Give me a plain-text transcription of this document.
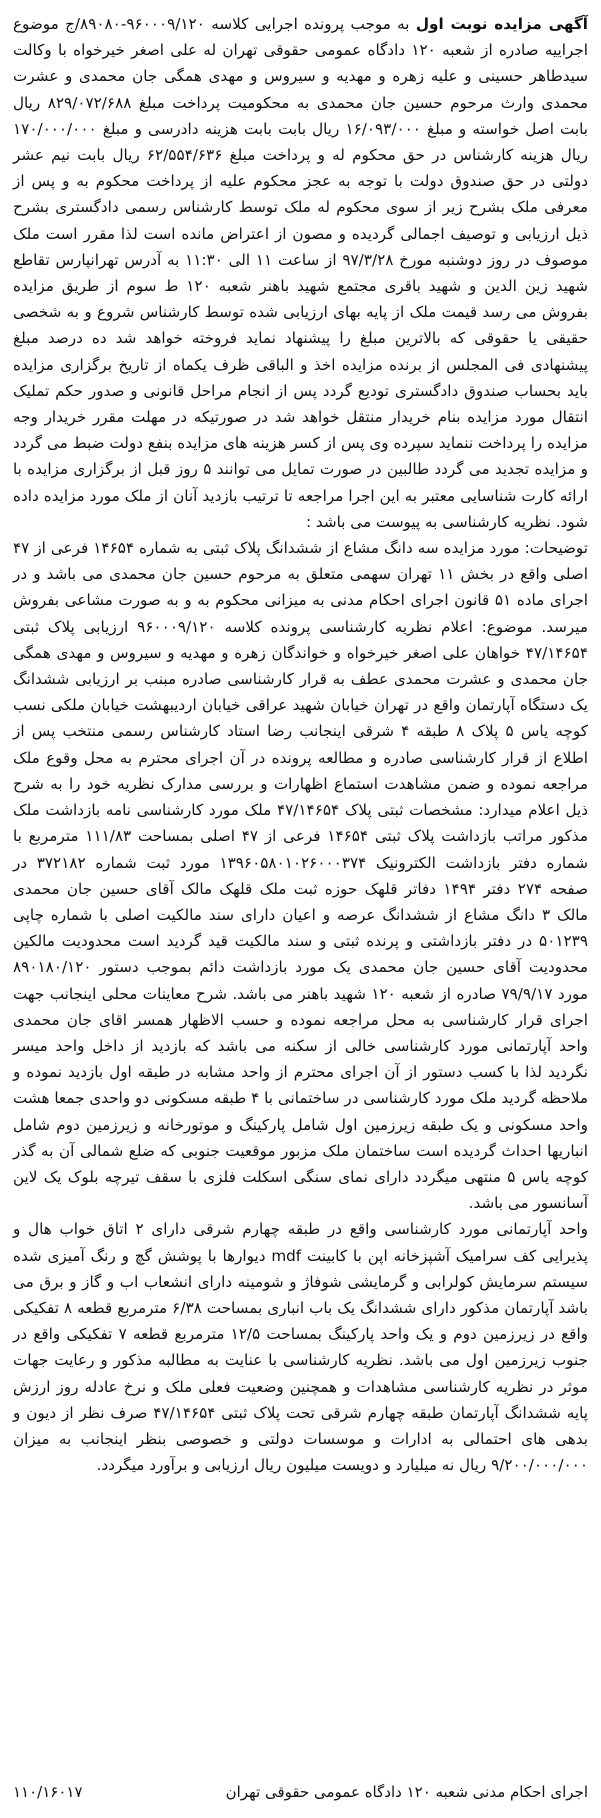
آگهی مزایده نوبت اول به موجب پرونده اجرایی کلاسه ۹۶۰۰۰۹/۱۲۰-۸۹۰۸۰/ج موضوع اجراییه صادره از شعبه ۱۲۰ دادگاه عمومی حقوقی تهران له علی اصغر خیرخواه با وکالت سیدطاهر حسینی و علیه زهره و مهدیه و سیروس و مهدی همگی جان محمدی و عشرت محمدی وارث مرحوم حسین جان محمدی به محکومیت پرداخت مبلغ ۸۲۹/۰۷۲/۶۸۸ ریال بابت اصل خواسته و مبلغ ۱۶/۰۹۳/۰۰۰ ریال بابت بابت هزینه دادرسی و مبلغ ۱۷۰/۰۰۰/۰۰۰ ریال هزینه کارشناس در حق محکوم له و پرداخت مبلغ ۶۲/۵۵۴/۶۳۶ ریال بابت نیم عشر دولتی در حق صندوق دولت با توجه به عجز محکوم علیه از پرداخت محکوم به و پس از معرفی ملک بشرح زیر از سوی محکوم له ملک توسط کارشناس رسمی دادگستری بشرح ذیل ارزیابی و توصیف اجمالی گردیده و مصون از اعتراض مانده است لذا مقرر است ملک موصوف در روز دوشنبه مورخ ۹۷/۳/۲۸ از ساعت ۱۱ الی ۱۱:۳۰ به آدرس تهرانپارس تقاطع شهید زین الدین و شهید باقری مجتمع شهید باهنر شعبه ۱۲۰ ط سوم از طریق مزایده بفروش می رسد قیمت ملک از پایه بهای ارزیابی شده توسط کارشناس شروع و به شخصی حقیقی یا حقوقی که بالاترین مبلغ را پیشنهاد نماید فروخته خواهد شد ده درصد مبلغ پیشنهادی فی المجلس از برنده مزایده اخذ و الباقی ظرف یکماه از تاریخ برگزاری مزایده باید بحساب صندوق دادگستری تودیع گردد پس از انجام مراحل قانونی و صدور حکم تملیک انتقال مورد مزایده بنام خریدار منتقل خواهد شد در صورتیکه در مهلت مقرر خریدار وجه مزایده را پرداخت ننماید سپرده وی پس از کسر هزینه های مزایده بنفع دولت ضبط می گردد و مزایده تجدید می گردد طالبین در صورت تمایل می توانند ۵ روز قبل از برگزاری مزایده با ارائه کارت شناسایی معتبر به این اجرا مراجعه تا ترتیب بازدید آنان از ملک مورد مزایده داده شود. نظریه کارشناسی به پیوست می باشد :

توضیحات: مورد مزایده سه دانگ مشاع از ششدانگ پلاک ثبتی به شماره ۱۴۶۵۴ فرعی از ۴۷ اصلی واقع در بخش ۱۱ تهران سهمی متعلق به مرحوم حسین جان محمدی می باشد و در اجرای ماده ۵۱ قانون اجرای احکام مدنی به میزانی محکوم به و به صورت مشاعی بفروش میرسد. موضوع: اعلام نظریه کارشناسی پرونده کلاسه ۹۶۰۰۰۹/۱۲۰ ارزیابی پلاک ثبتی ۴۷/۱۴۶۵۴ خواهان علی اصغر خیرخواه و خواندگان زهره و مهدیه و سیروس و مهدی همگی جان محمدی و عشرت محمدی عطف به قرار کارشناسی صادره مبنب بر ارزیابی ششدانگ یک دستگاه آپارتمان واقع در تهران خیابان شهید عراقی خیابان اردیبهشت خیابان ملکی نسب کوچه یاس ۵ پلاک ۸ طبقه ۴ شرقی اینجانب رضا استاد کارشناس رسمی منتخب پس از اطلاع از قرار کارشناسی صادره و مطالعه پرونده در آن اجرای محترم به محل وقوع ملک مراجعه نموده و ضمن مشاهدت استماع اظهارات و بررسی مدارک نظریه خود را به شرح ذیل اعلام میدارد: مشخصات ثبتی پلاک ۴۷/۱۴۶۵۴ ملک مورد کارشناسی نامه بازداشت ملک مذکور مراتب بازداشت پلاک ثبتی ۱۴۶۵۴ فرعی از ۴۷ اصلی بمساحت ۱۱۱/۸۳ مترمربع با شماره دفتر بازداشت الکترونیک ۱۳۹۶۰۵۸۰۱۰۲۶۰۰۰۳۷۴ مورد ثبت شماره ۳۷۲۱۸۲ در صفحه ۲۷۴ دفتر ۱۴۹۴ دفاتر قلهک حوزه ثبت ملک قلهک مالک آقای حسین جان محمدی مالک ۳ دانگ مشاع از ششدانگ عرصه و اعیان دارای سند مالکیت اصلی با شماره چاپی ۵۰۱۲۳۹ در دفتر بازداشتی و پرنده ثبتی و سند مالکیت قید گردید است محدودیت مالکین محدودیت آقای حسین جان محمدی یک مورد بازداشت دائم بموجب دستور ۸۹۰۱۸۰/۱۲۰ مورد ۷۹/۹/۱۷ صادره از شعبه ۱۲۰ شهید باهنر می باشد. شرح معاینات محلی اینجانب جهت اجرای قرار کارشناسی به محل مراجعه نموده و حسب الاظهار همسر اقای جان محمدی واحد آپارتمانی مورد کارشناسی خالی از سکنه می باشد که بازدید از داخل واحد میسر نگردید لذا با کسب دستور از آن اجرای محترم از واحد مشابه در طبقه اول بازدید نموده و ملاحظه گردید ملک مورد کارشناسی در ساختمانی با ۴ طبقه مسکونی دو واحدی جمعا هشت واحد مسکونی و یک طبقه زیرزمین اول شامل پارکینگ و موتورخانه و زیرزمین دوم شامل انباریها احداث گردیده است ساختمان ملک مزبور موقعیت جنوبی که ضلع شمالی آن به گذر کوچه یاس ۵ منتهی میگردد دارای نمای سنگی اسکلت فلزی با سقف تیرچه بلوک یک لاین آسانسور می باشد.

واحد آپارتمانی مورد کارشناسی واقع در طبقه چهارم شرقی دارای ۲ اتاق خواب هال و پذیرایی کف سرامیک آشپزخانه اپن با کابینت mdf دیوارها با پوشش گچ و رنگ آمیزی شده سیستم سرمایش کولرابی و گرمایشی شوفاژ و شومینه دارای انشعاب اب و گاز و برق می باشد آپارتمان مذکور دارای ششدانگ یک باب انباری بمساحت ۶/۳۸ مترمربع قطعه ۸ تفکیکی واقع در زیرزمین دوم و یک واحد پارکینگ بمساحت ۱۲/۵ مترمربع قطعه ۷ تفکیکی واقع در جنوب زیرزمین اول می باشد. نظریه کارشناسی با عنایت به مطالبه مذکور و رعایت جهات موثر در نظریه کارشناسی مشاهدات و همچنین وضعیت فعلی ملک و نرخ عادله روز ارزش پایه ششدانگ آپارتمان طبقه چهارم شرقی تحت پلاک ثبتی ۴۷/۱۴۶۵۴ صرف نظر از دیون و بدهی های احتمالی به ادارات و موسسات دولتی و خصوصی بنظر اینجانب به میزان ۹/۲۰۰/۰۰۰/۰۰۰ ریال نه میلیارد و دویست میلیون ریال ارزیابی و برآورد میگردد.

اجرای احکام مدنی شعبه ۱۲۰ دادگاه عمومی حقوقی تهران
۱۱۰/۱۶۰۱۷
